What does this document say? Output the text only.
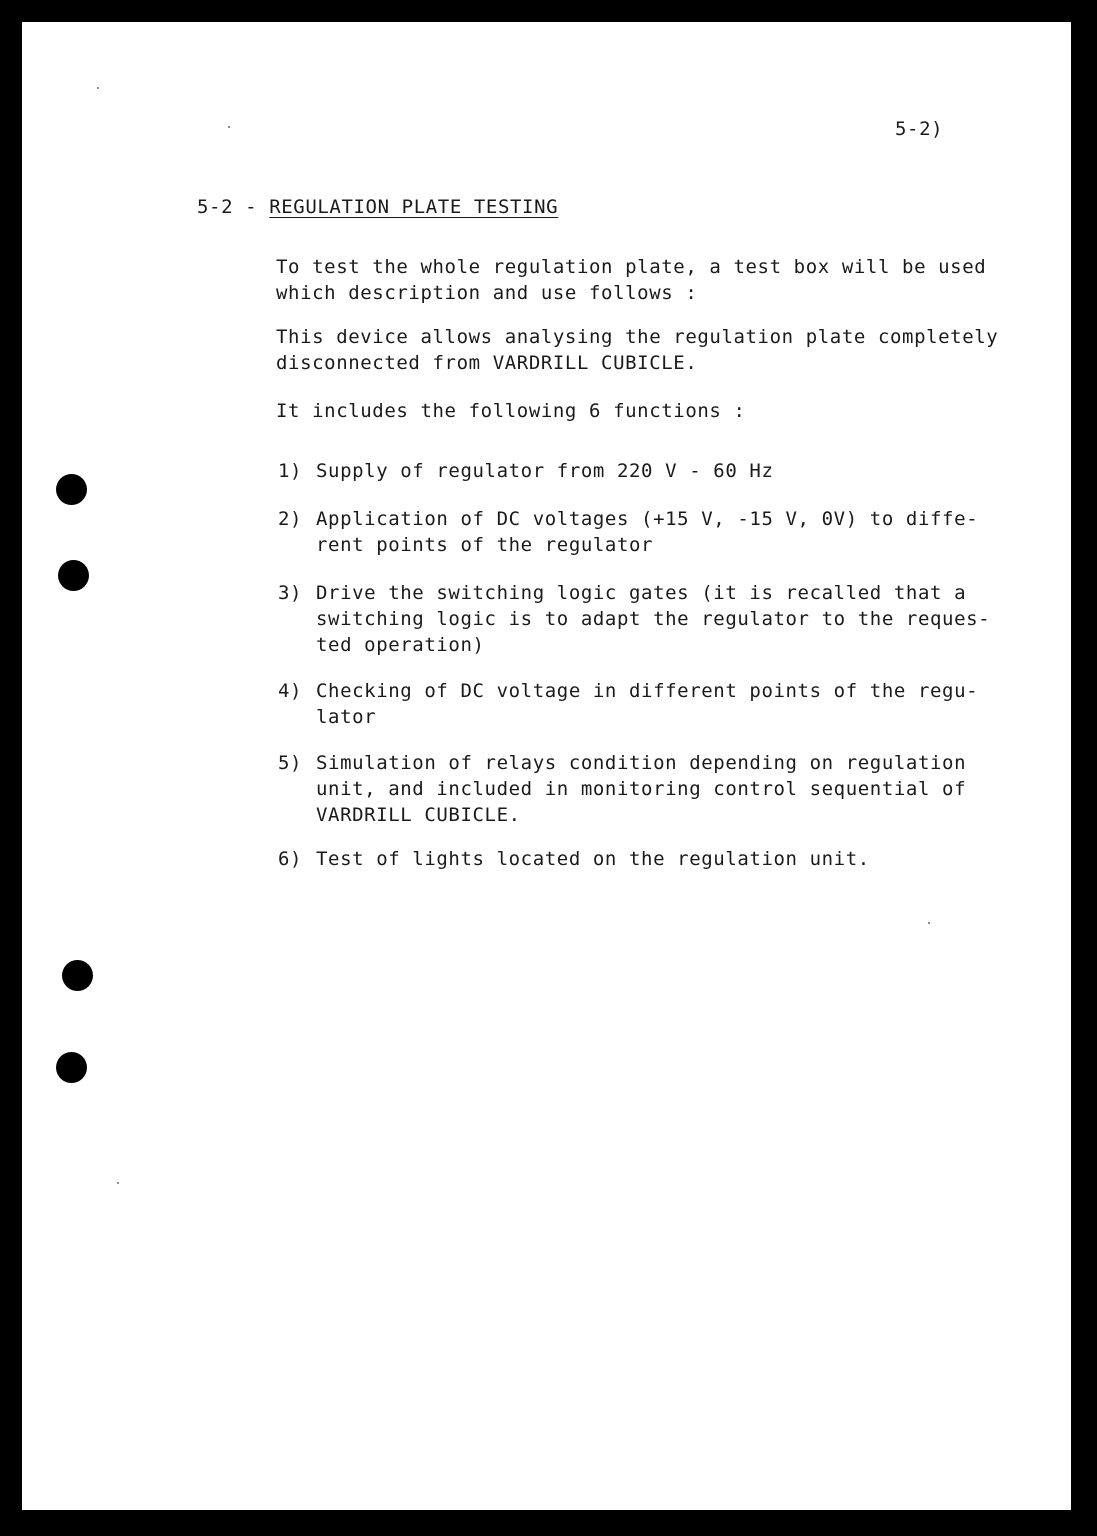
5-2)
5-2 - REGULATION PLATE TESTING
To test the whole regulation plate, a test box will be used
which description and use follows :
This device allows analysing the regulation plate completely
disconnected from VARDRILL CUBICLE.
It includes the following 6 functions :
1) Supply of regulator from 220 V - 60 Hz
2) Application of DC voltages (+15 V, -15 V, 0V) to diffe-
rent points of the regulator
3) Drive the switching logic gates (it is recalled that a
switching logic is to adapt the regulator to the reques-
ted operation)
4) Checking of DC voltage in different points of the regu-
lator
5) Simulation of relays condition depending on regulation
unit, and included in monitoring control sequential of
VARDRILL CUBICLE.
6) Test of lights located on the regulation unit.
